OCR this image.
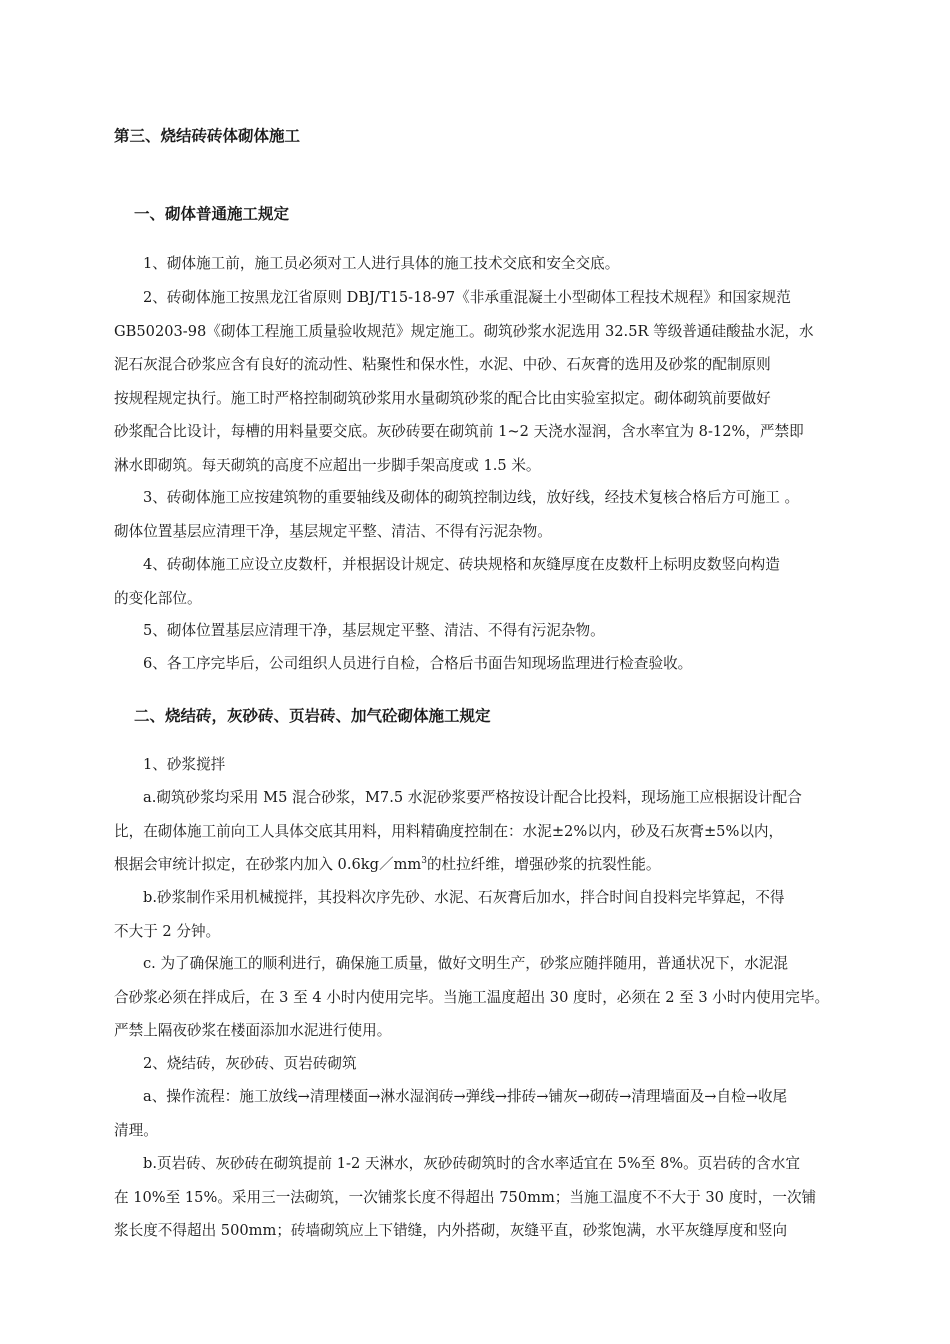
第三、烧结砖砖体砌体施工
一、砌体普通施工规定
1、砌体施工前，施工员必须对工人进行具体的施工技术交底和安全交底。
2、砖砌体施工按黑龙江省原则 DBJ/T15-18-97《非承重混凝土小型砌体工程技术规程》和国家规范
GB50203-98《砌体工程施工质量验收规范》规定施工。砌筑砂浆水泥选用 32.5R 等级普通硅酸盐水泥，水
泥石灰混合砂浆应含有良好的流动性、粘聚性和保水性，水泥、中砂、石灰膏的选用及砂浆的配制原则
按规程规定执行。施工时严格控制砌筑砂浆用水量砌筑砂浆的配合比由实验室拟定。砌体砌筑前要做好
砂浆配合比设计，每槽的用料量要交底。灰砂砖要在砌筑前 1~2 天浇水湿润，含水率宜为 8-12%，严禁即
淋水即砌筑。每天砌筑的高度不应超出一步脚手架高度或 1.5 米。
3、砖砌体施工应按建筑物的重要轴线及砌体的砌筑控制边线，放好线，经技术复核合格后方可施工 。
砌体位置基层应清理干净，基层规定平整、清洁、不得有污泥杂物。
4、砖砌体施工应设立皮数杆，并根据设计规定、砖块规格和灰缝厚度在皮数杆上标明皮数竖向构造
的变化部位。
5、砌体位置基层应清理干净，基层规定平整、清洁、不得有污泥杂物。
6、各工序完毕后，公司组织人员进行自检，合格后书面告知现场监理进行检查验收。
二、烧结砖，灰砂砖、页岩砖、加气砼砌体施工规定
1、砂浆搅拌
a.砌筑砂浆均采用 M5 混合砂浆，M7.5 水泥砂浆要严格按设计配合比投料，现场施工应根据设计配合
比，在砌体施工前向工人具体交底其用料，用料精确度控制在：水泥±2%以内，砂及石灰膏±5%以内，
根据会审统计拟定，在砂浆内加入 $0.6kg/mm^3$的杜拉纤维，增强砂浆的抗裂性能。
b.砂浆制作采用机械搅拌，其投料次序先砂、水泥、石灰膏后加水，拌合时间自投料完毕算起，不得
不大于 2 分钟。
c. 为了确保施工的顺利进行，确保施工质量，做好文明生产，砂浆应随拌随用，普通状况下，水泥混
合砂浆必须在拌成后，在 3 至 4 小时内使用完毕。当施工温度超出 30 度时，必须在 2 至 3 小时内使用完毕。
严禁上隔夜砂浆在楼面添加水泥进行使用。
2、烧结砖，灰砂砖、页岩砖砌筑
a、操作流程：施工放线→清理楼面→淋水湿润砖→弹线→排砖→铺灰→砌砖→清理墙面及→自检→收尾
清理。
b.页岩砖、灰砂砖在砌筑提前 1-2 天淋水，灰砂砖砌筑时的含水率适宜在 5%至 8%。页岩砖的含水宜
在 10%至 15%。采用三一法砌筑，一次铺浆长度不得超出 750mm；当施工温度不不大于 30 度时，一次铺
浆长度不得超出 500mm；砖墙砌筑应上下错缝，内外搭砌，灰缝平直，砂浆饱满，水平灰缝厚度和竖向
